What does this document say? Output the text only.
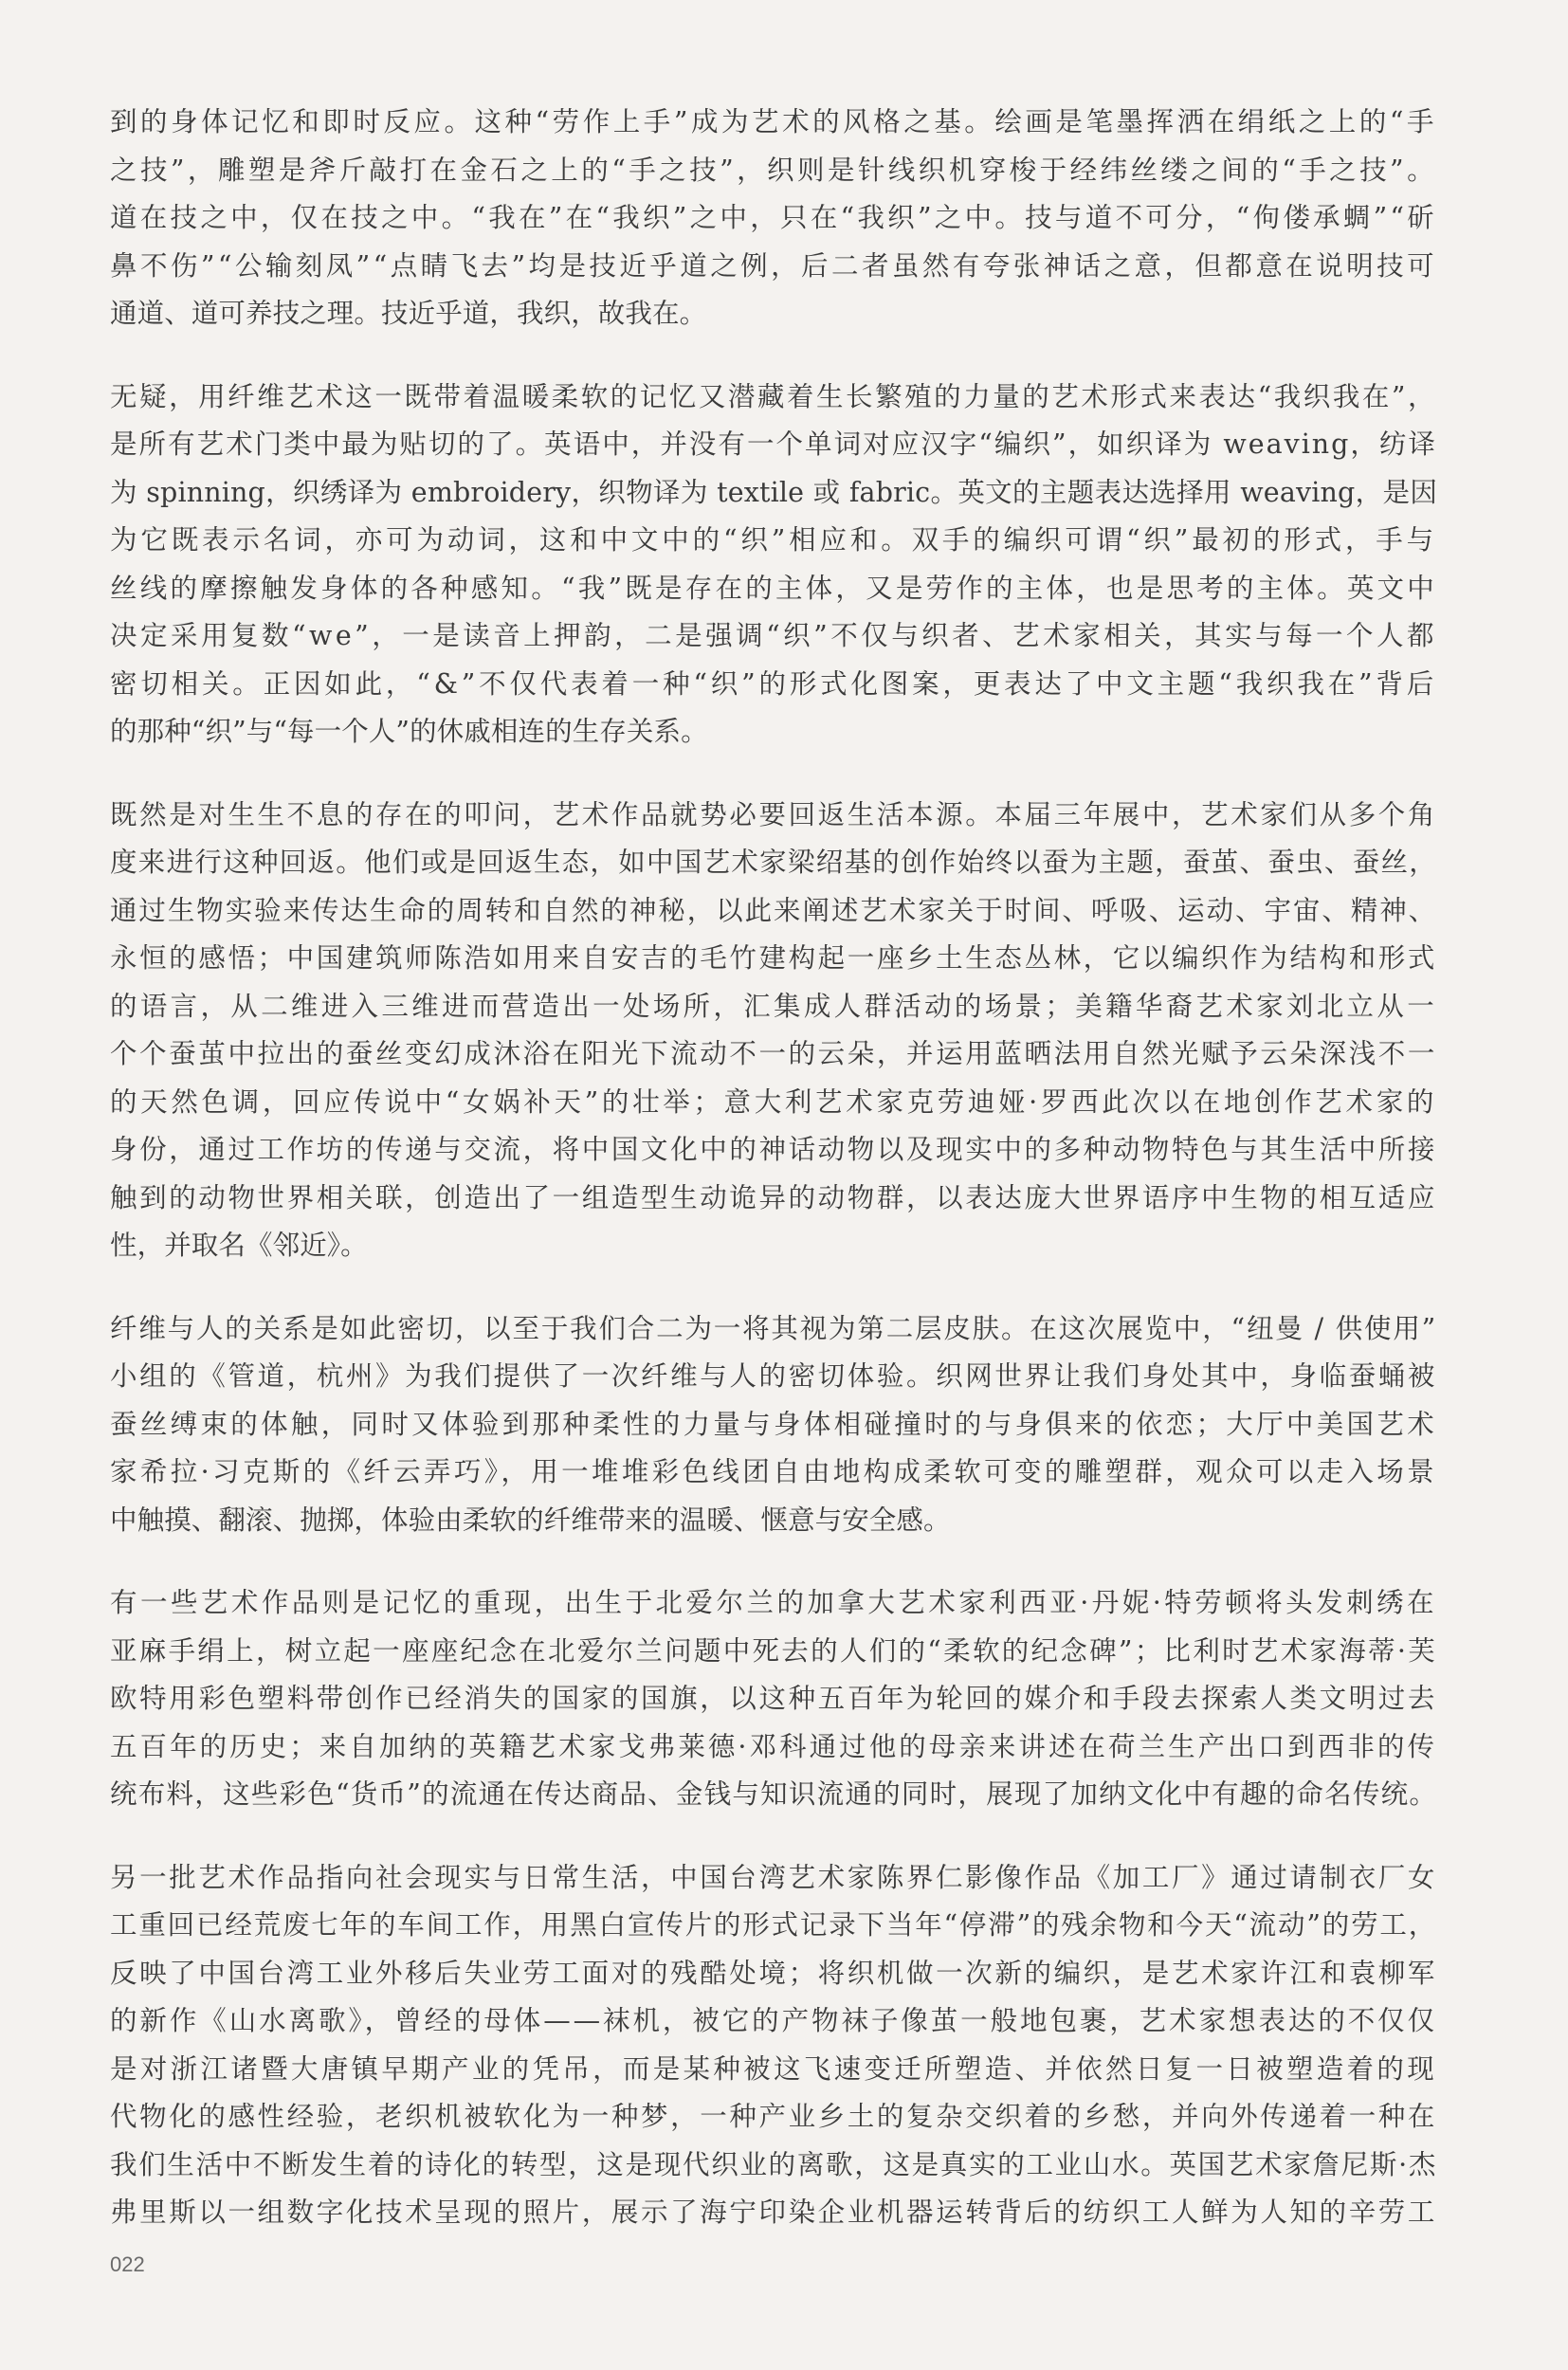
到的身体记忆和即时反应。这种“劳作上手”成为艺术的风格之基。绘画是笔墨挥洒在绢纸之上的“手
之技”，雕塑是斧斤敲打在金石之上的“手之技”，织则是针线织机穿梭于经纬丝缕之间的“手之技”。
道在技之中，仅在技之中。“我在”在“我织”之中，只在“我织”之中。技与道不可分，“佝偻承蜩”“斫
鼻不伤”“公输刻凤”“点睛飞去”均是技近乎道之例，后二者虽然有夸张神话之意，但都意在说明技可
通道、道可养技之理。技近乎道，我织，故我在。
无疑，用纤维艺术这一既带着温暖柔软的记忆又潜藏着生长繁殖的力量的艺术形式来表达“我织我在”，
是所有艺术门类中最为贴切的了。英语中，并没有一个单词对应汉字“编织”，如织译为 weaving，纺译
为 spinning，织绣译为 embroidery，织物译为 textile 或 fabric。英文的主题表达选择用 weaving，是因
为它既表示名词，亦可为动词，这和中文中的“织”相应和。双手的编织可谓“织”最初的形式，手与
丝线的摩擦触发身体的各种感知。“我”既是存在的主体，又是劳作的主体，也是思考的主体。英文中
决定采用复数“we”，一是读音上押韵，二是强调“织”不仅与织者、艺术家相关，其实与每一个人都
密切相关。正因如此，“&”不仅代表着一种“织”的形式化图案，更表达了中文主题“我织我在”背后
的那种“织”与“每一个人”的休戚相连的生存关系。
既然是对生生不息的存在的叩问，艺术作品就势必要回返生活本源。本届三年展中，艺术家们从多个角
度来进行这种回返。他们或是回返生态，如中国艺术家梁绍基的创作始终以蚕为主题，蚕茧、蚕虫、蚕丝，
通过生物实验来传达生命的周转和自然的神秘，以此来阐述艺术家关于时间、呼吸、运动、宇宙、精神、
永恒的感悟；中国建筑师陈浩如用来自安吉的毛竹建构起一座乡土生态丛林，它以编织作为结构和形式
的语言，从二维进入三维进而营造出一处场所，汇集成人群活动的场景；美籍华裔艺术家刘北立从一
个个蚕茧中拉出的蚕丝变幻成沐浴在阳光下流动不一的云朵，并运用蓝晒法用自然光赋予云朵深浅不一
的天然色调，回应传说中“女娲补天”的壮举；意大利艺术家克劳迪娅·罗西此次以在地创作艺术家的
身份，通过工作坊的传递与交流，将中国文化中的神话动物以及现实中的多种动物特色与其生活中所接
触到的动物世界相关联，创造出了一组造型生动诡异的动物群，以表达庞大世界语序中生物的相互适应
性，并取名《邻近》。
纤维与人的关系是如此密切，以至于我们合二为一将其视为第二层皮肤。在这次展览中，“纽曼 / 供使用”
小组的《管道，杭州》为我们提供了一次纤维与人的密切体验。织网世界让我们身处其中，身临蚕蛹被
蚕丝缚束的体触，同时又体验到那种柔性的力量与身体相碰撞时的与身俱来的依恋；大厅中美国艺术
家希拉·习克斯的《纤云弄巧》，用一堆堆彩色线团自由地构成柔软可变的雕塑群，观众可以走入场景
中触摸、翻滚、抛掷，体验由柔软的纤维带来的温暖、惬意与安全感。
有一些艺术作品则是记忆的重现，出生于北爱尔兰的加拿大艺术家利西亚·丹妮·特劳顿将头发刺绣在
亚麻手绢上，树立起一座座纪念在北爱尔兰问题中死去的人们的“柔软的纪念碑”；比利时艺术家海蒂·芙
欧特用彩色塑料带创作已经消失的国家的国旗，以这种五百年为轮回的媒介和手段去探索人类文明过去
五百年的历史；来自加纳的英籍艺术家戈弗莱德·邓科通过他的母亲来讲述在荷兰生产出口到西非的传
统布料，这些彩色“货币”的流通在传达商品、金钱与知识流通的同时，展现了加纳文化中有趣的命名传统。
另一批艺术作品指向社会现实与日常生活，中国台湾艺术家陈界仁影像作品《加工厂》通过请制衣厂女
工重回已经荒废七年的车间工作，用黑白宣传片的形式记录下当年“停滞”的残余物和今天“流动”的劳工，
反映了中国台湾工业外移后失业劳工面对的残酷处境；将织机做一次新的编织，是艺术家许江和袁柳军
的新作《山水离歌》，曾经的母体——袜机，被它的产物袜子像茧一般地包裹，艺术家想表达的不仅仅
是对浙江诸暨大唐镇早期产业的凭吊，而是某种被这飞速变迁所塑造、并依然日复一日被塑造着的现
代物化的感性经验，老织机被软化为一种梦，一种产业乡土的复杂交织着的乡愁，并向外传递着一种在
我们生活中不断发生着的诗化的转型，这是现代织业的离歌，这是真实的工业山水。英国艺术家詹尼斯·杰
弗里斯以一组数字化技术呈现的照片，展示了海宁印染企业机器运转背后的纺织工人鲜为人知的辛劳工
022
